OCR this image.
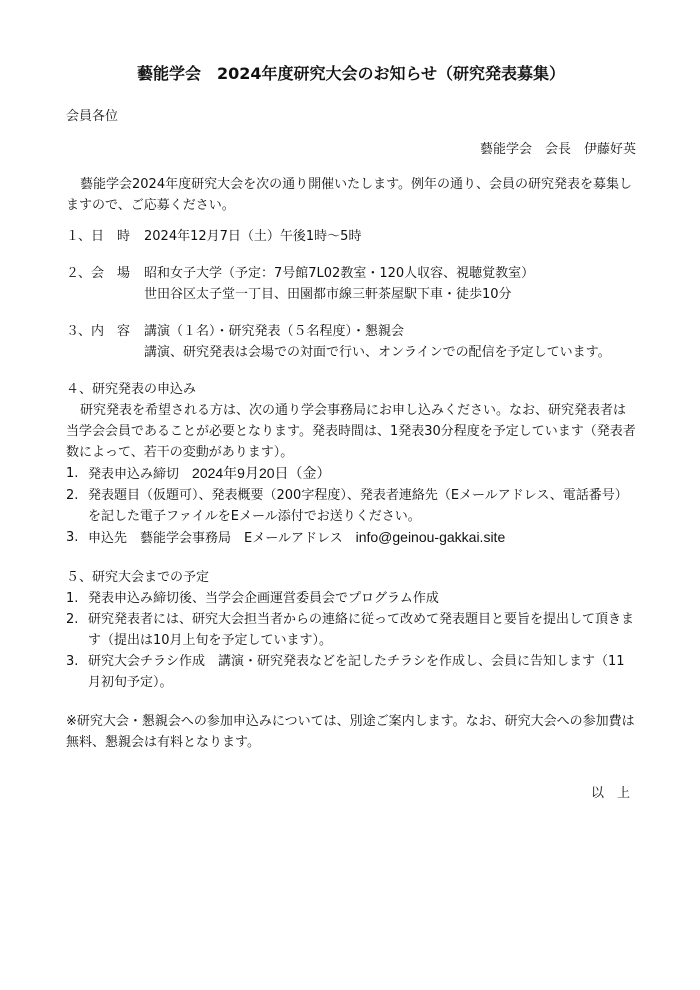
藝能学会　2024年度研究大会のお知らせ（研究発表募集）
会員各位
藝能学会　会長　伊藤好英
藝能学会2024年度研究大会を次の通り開催いたします。例年の通り、会員の研究発表を募集しますので、ご応募ください。
１
、日　時	2024年12月7日（土）午後1時〜5時
２
、会　場	昭和女子大学（予定：7号館7L02教室・120人収容、視聴覚教室）
世田谷区太子堂一丁目、田園都市線三軒茶屋駅下車・徒歩10分
３
、内　容	講演（１名）・研究発表（５名程度）・懇親会
講演、研究発表は会場での対面で行い、オンラインでの配信を予定しています。
４、研究発表の申込み
研究発表を希望される方は、次の通り学会事務局にお申し込みください。なお、研究発表者は当学会会員であることが必要となります。発表時間は、1発表30分程度を予定しています（発表者数によって、若干の変動があります）。
1. 発表申込み締切　 2024年9月20日（金）
2. 発表題目（仮題可）、発表概要（200字程度）、発表者連絡先（Eメールアドレス、電話番号）を記した電子ファイルをEメール添付でお送りください。
3. 申込先　藝能学会事務局　Eメールアドレス　 info@geinou-gakkai.site
５、研究大会までの予定
1. 発表申込み締切後、当学会企画運営委員会でプログラム作成
2. 研究発表者には、研究大会担当者からの連絡に従って改めて発表題目と要旨を提出して頂きます（提出は10月上旬を予定しています）。
3. 研究大会チラシ作成　講演・研究発表などを記したチラシを作成し、会員に告知します（11月初旬予定）。
※研究大会・懇親会への参加申込みについては、別途ご案内します。なお、研究大会への参加費は無料、懇親会は有料となります。
以　上
